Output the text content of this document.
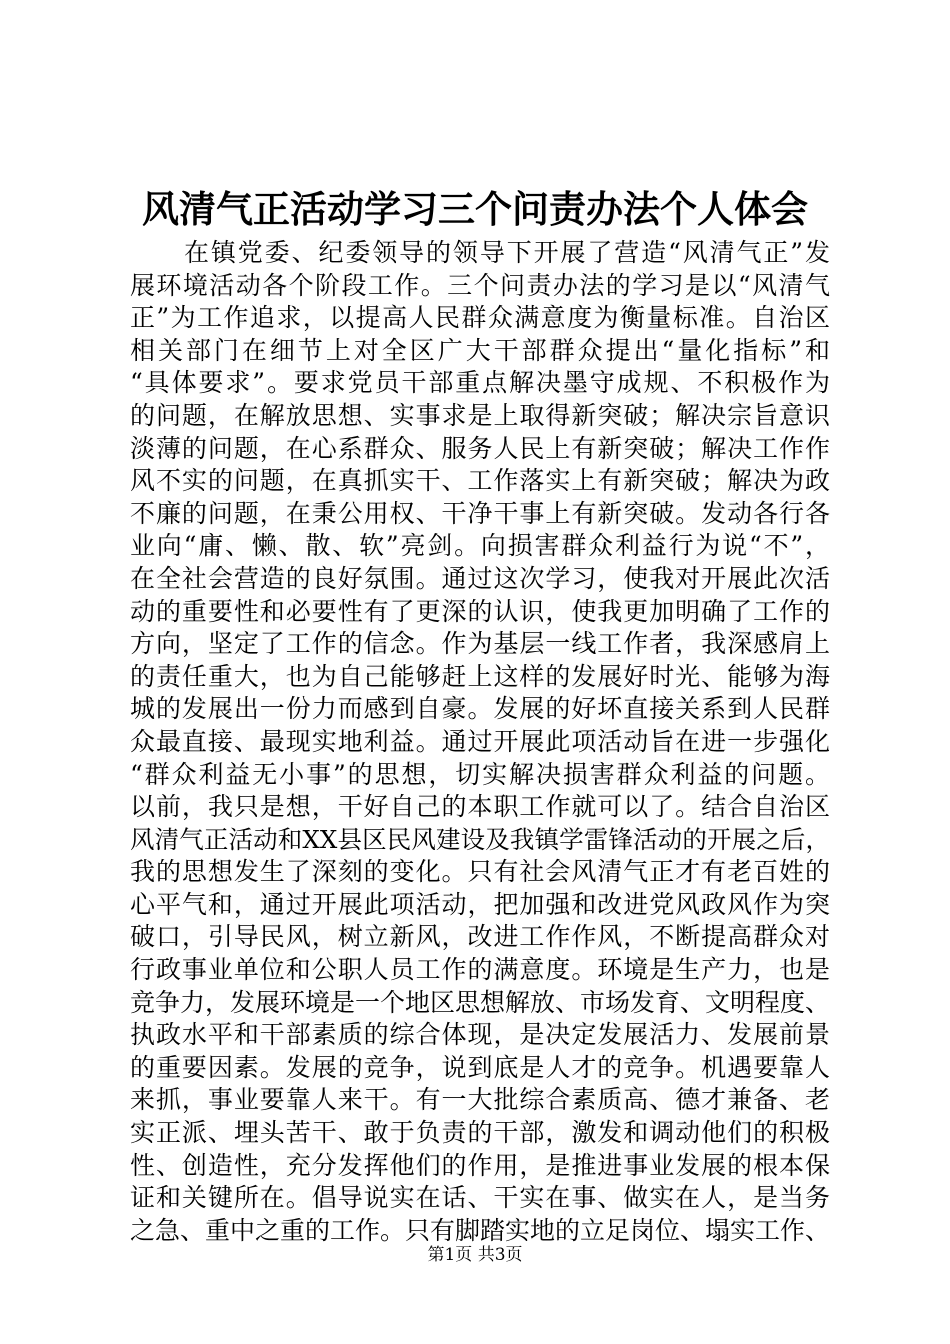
风清气正活动学习三个问责办法个人体会
在镇党委、纪委领导的领导下开展了营造“风清气正”发
展环境活动各个阶段工作。三个问责办法的学习是以“风清气
正”为工作追求，以提高人民群众满意度为衡量标准。自治区
相关部门在细节上对全区广大干部群众提出“量化指标”和
“具体要求”。要求党员干部重点解决墨守成规、不积极作为
的问题，在解放思想、实事求是上取得新突破；解决宗旨意识
淡薄的问题，在心系群众、服务人民上有新突破；解决工作作
风不实的问题，在真抓实干、工作落实上有新突破；解决为政
不廉的问题，在秉公用权、干净干事上有新突破。发动各行各
业向“庸、懒、散、软”亮剑。向损害群众利益行为说“不”，
在全社会营造的良好氛围。通过这次学习，使我对开展此次活
动的重要性和必要性有了更深的认识，使我更加明确了工作的
方向，坚定了工作的信念。作为基层一线工作者，我深感肩上
的责任重大，也为自己能够赶上这样的发展好时光、能够为海
城的发展出一份力而感到自豪。发展的好坏直接关系到人民群
众最直接、最现实地利益。通过开展此项活动旨在进一步强化
“群众利益无小事”的思想，切实解决损害群众利益的问题。
以前，我只是想，干好自己的本职工作就可以了。结合自治区
风清气正活动和XX县区民风建设及我镇学雷锋活动的开展之后，
我的思想发生了深刻的变化。只有社会风清气正才有老百姓的
心平气和，通过开展此项活动，把加强和改进党风政风作为突
破口，引导民风，树立新风，改进工作作风，不断提高群众对
行政事业单位和公职人员工作的满意度。环境是生产力，也是
竞争力，发展环境是一个地区思想解放、市场发育、文明程度、
执政水平和干部素质的综合体现，是决定发展活力、发展前景
的重要因素。发展的竞争，说到底是人才的竞争。机遇要靠人
来抓，事业要靠人来干。有一大批综合素质高、德才兼备、老
实正派、埋头苦干、敢于负责的干部，激发和调动他们的积极
性、创造性，充分发挥他们的作用，是推进事业发展的根本保
证和关键所在。倡导说实在话、干实在事、做实在人，是当务
之急、重中之重的工作。只有脚踏实地的立足岗位、塌实工作、
第1页 共3页
